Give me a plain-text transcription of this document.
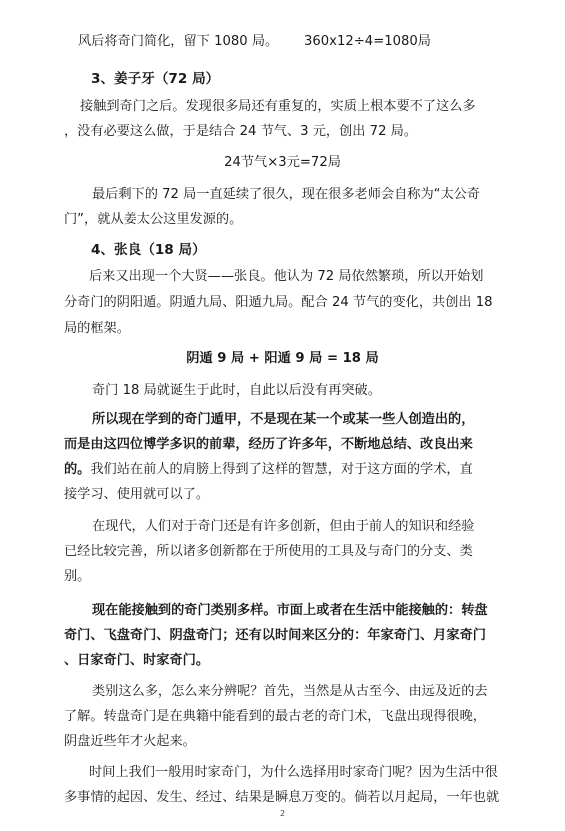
风后将奇门简化，留下 1080 局。 360x12÷4=1080局
3、姜子牙（72 局）
接触到奇门之后。发现很多局还有重复的，实质上根本要不了这么多
，没有必要这么做，于是结合 24 节气、3 元，创出 72 局。
24节气×3元=72局
最后剩下的 72 局一直延续了很久，现在很多老师会自称为“太公奇
门”，就从姜太公这里发源的。
4、张良（18 局）
后来又出现一个大贤——张良。他认为 72 局依然繁琐，所以开始划
分奇门的阴阳遁。阴遁九局、阳遁九局。配合 24 节气的变化，共创出 18
局的框架。
阴遁 9 局 + 阳遁 9 局 = 18 局
奇门 18 局就诞生于此时，自此以后没有再突破。
所以现在学到的奇门遁甲，不是现在某一个或某一些人创造出的，
而是由这四位博学多识的前辈，经历了许多年，不断地总结、改良出来
的。我们站在前人的肩膀上得到了这样的智慧，对于这方面的学术，直
接学习、使用就可以了。
在现代，人们对于奇门还是有许多创新，但由于前人的知识和经验
已经比较完善，所以诸多创新都在于所使用的工具及与奇门的分支、类
别。
现在能接触到的奇门类别多样。市面上或者在生活中能接触的：转盘
奇门、飞盘奇门、阴盘奇门；还有以时间来区分的：年家奇门、月家奇门
、日家奇门、时家奇门。
类别这么多，怎么来分辨呢？首先，当然是从古至今、由远及近的去
了解。转盘奇门是在典籍中能看到的最古老的奇门术，飞盘出现得很晚，
阴盘近些年才火起来。
时间上我们一般用时家奇门，为什么选择用时家奇门呢？因为生活中很
多事情的起因、发生、经过、结果是瞬息万变的。倘若以月起局，一年也就
2
